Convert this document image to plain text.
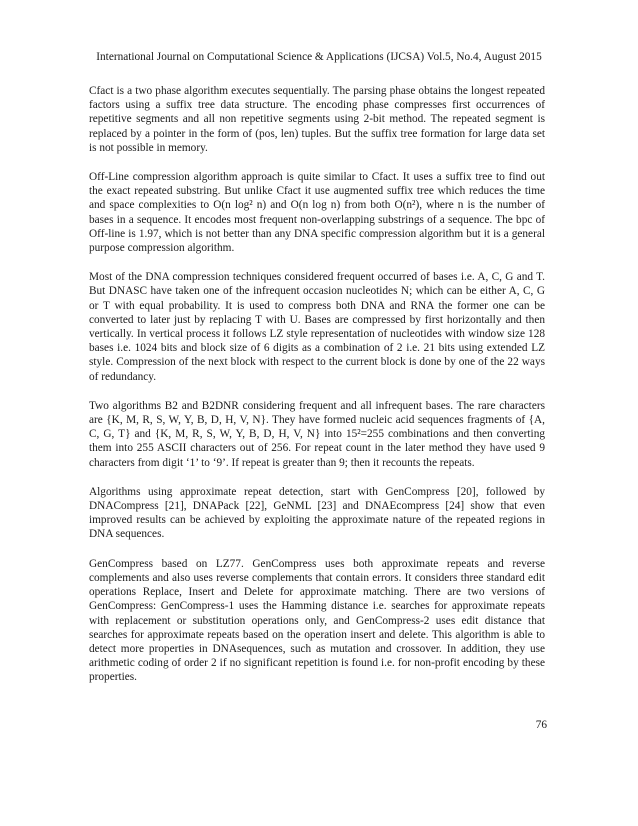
International Journal on Computational Science & Applications (IJCSA) Vol.5, No.4, August 2015

Cfact is a two phase algorithm executes sequentially. The parsing phase obtains the longest repeated factors using a suffix tree data structure. The encoding phase compresses first occurrences of repetitive segments and all non repetitive segments using 2-bit method. The repeated segment is replaced by a pointer in the form of (pos, len) tuples. But the suffix tree formation for large data set is not possible in memory.

Off-Line compression algorithm approach is quite similar to Cfact. It uses a suffix tree to find out the exact repeated substring. But unlike Cfact it use augmented suffix tree which reduces the time and space complexities to O(n log² n) and O(n log n) from both O(n²), where n is the number of bases in a sequence. It encodes most frequent non-overlapping substrings of a sequence. The bpc of Off-line is 1.97, which is not better than any DNA specific compression algorithm but it is a general purpose compression algorithm.

Most of the DNA compression techniques considered frequent occurred of bases i.e. A, C, G and T. But DNASC have taken one of the infrequent occasion nucleotides N; which can be either A, C, G or T with equal probability. It is used to compress both DNA and RNA the former one can be converted to later just by replacing T with U. Bases are compressed by first horizontally and then vertically. In vertical process it follows LZ style representation of nucleotides with window size 128 bases i.e. 1024 bits and block size of 6 digits as a combination of 2 i.e. 21 bits using extended LZ style. Compression of the next block with respect to the current block is done by one of the 22 ways of redundancy.

Two algorithms B2 and B2DNR considering frequent and all infrequent bases. The rare characters are {K, M, R, S, W, Y, B, D, H, V, N}. They have formed nucleic acid sequences fragments of {A, C, G, T} and {K, M, R, S, W, Y, B, D, H, V, N} into 15²=255 combinations and then converting them into 255 ASCII characters out of 256. For repeat count in the later method they have used 9 characters from digit ‘1’ to ‘9’. If repeat is greater than 9; then it recounts the repeats.

Algorithms using approximate repeat detection, start with GenCompress [20], followed by DNACompress [21], DNAPack [22], GeNML [23] and DNAEcompress [24] show that even improved results can be achieved by exploiting the approximate nature of the repeated regions in DNA sequences.

GenCompress based on LZ77. GenCompress uses both approximate repeats and reverse complements and also uses reverse complements that contain errors. It considers three standard edit operations Replace, Insert and Delete for approximate matching. There are two versions of GenCompress: GenCompress-1 uses the Hamming distance i.e. searches for approximate repeats with replacement or substitution operations only, and GenCompress-2 uses edit distance that searches for approximate repeats based on the operation insert and delete. This algorithm is able to detect more properties in DNAsequences, such as mutation and crossover. In addition, they use arithmetic coding of order 2 if no significant repetition is found i.e. for non-profit encoding by these properties.

76
